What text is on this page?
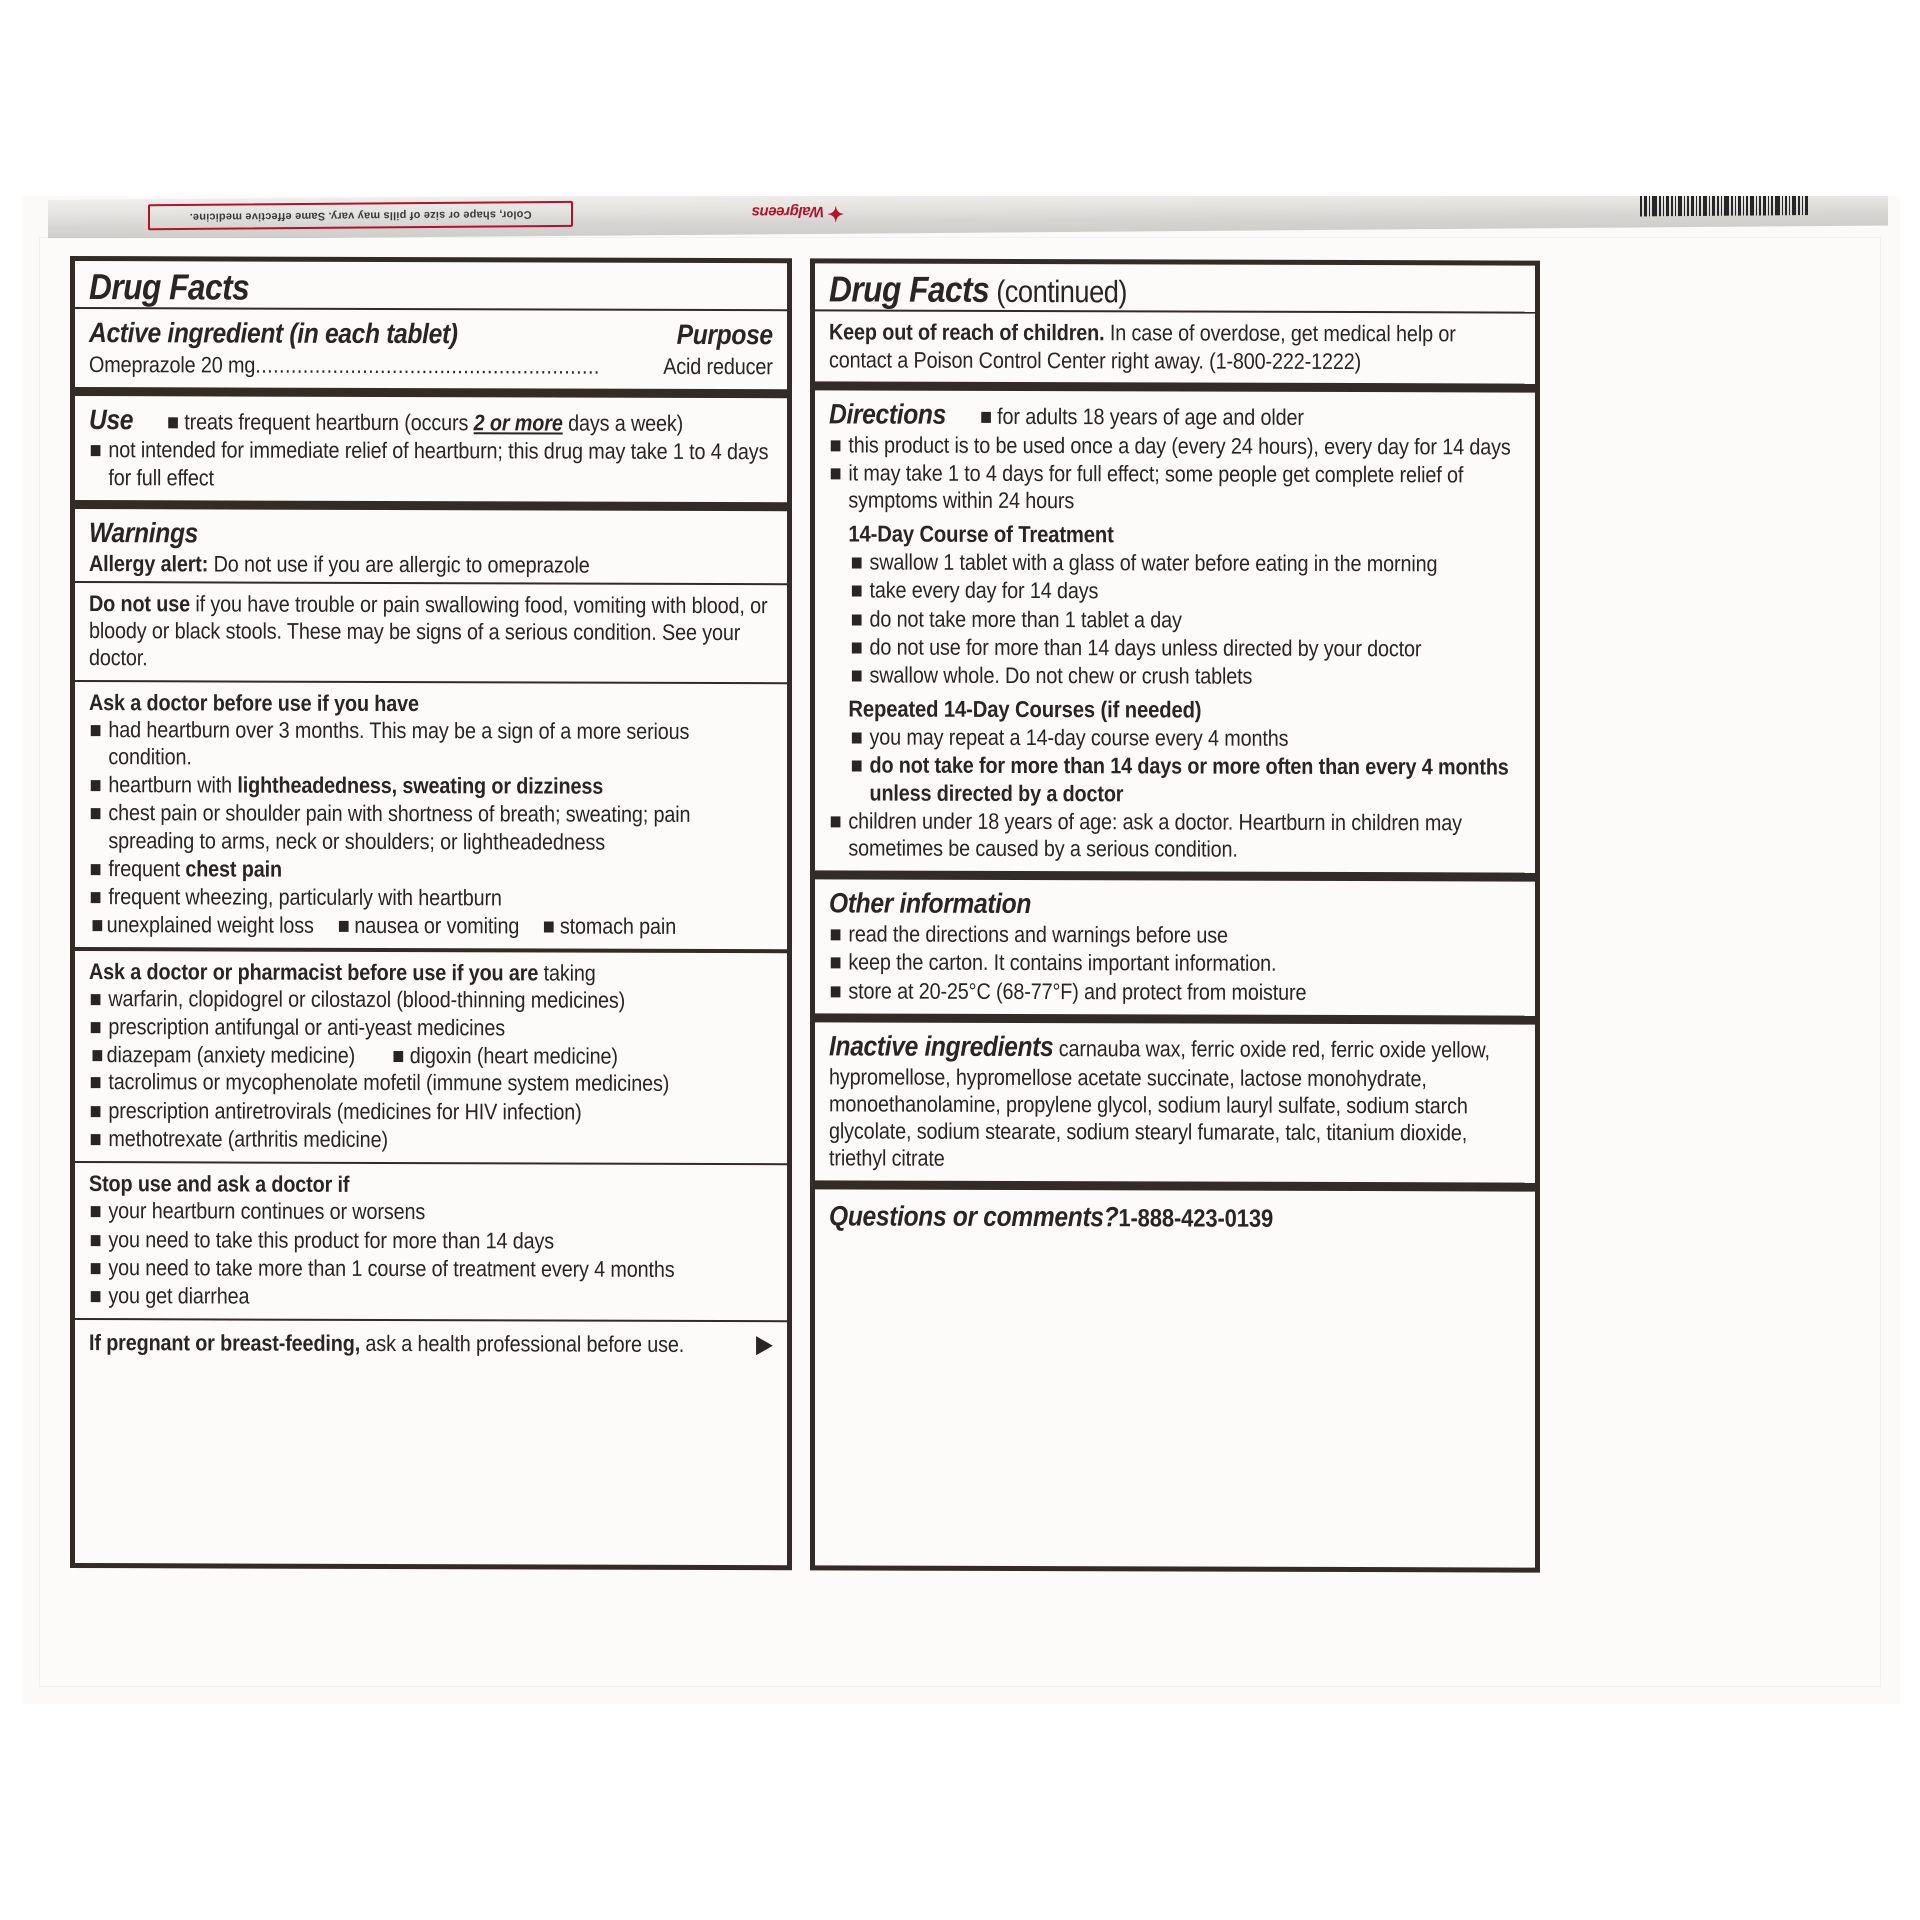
Color, shape or size of pills may vary. Same effective medicine.	✦ Walgreens
Drug Facts
Active ingredient (in each tablet)	Purpose
Omeprazole 20 mg ..........................................................	Acid reducer
Use treats frequent heartburn (occurs 2 or more days a week)
not intended for immediate relief of heartburn; this drug may take 1 to 4 days for full effect
Warnings
Allergy alert: Do not use if you are allergic to omeprazole
Do not use if you have trouble or pain swallowing food, vomiting with blood, or bloody or black stools. These may be signs of a serious condition. See your doctor.
Ask a doctor before use if you have
had heartburn over 3 months. This may be a sign of a more serious condition.
heartburn with lightheadedness, sweating or dizziness
chest pain or shoulder pain with shortness of breath; sweating; pain spreading to arms, neck or shoulders; or lightheadedness
frequent chest pain
frequent wheezing, particularly with heartburn
unexplained weight loss nausea or vomiting stomach pain
Ask a doctor or pharmacist before use if you are taking
warfarin, clopidogrel or cilostazol (blood-thinning medicines)
prescription antifungal or anti-yeast medicines
diazepam (anxiety medicine) digoxin (heart medicine)
tacrolimus or mycophenolate mofetil (immune system medicines)
prescription antiretrovirals (medicines for HIV infection)
methotrexate (arthritis medicine)
Stop use and ask a doctor if
your heartburn continues or worsens
you need to take this product for more than 14 days
you need to take more than 1 course of treatment every 4 months
you get diarrhea
If pregnant or breast-feeding, ask a health professional before use.	▶
Drug Facts (continued)
Keep out of reach of children. In case of overdose, get medical help or contact a Poison Control Center right away. (1-800-222-1222)
Directions for adults 18 years of age and older
this product is to be used once a day (every 24 hours), every day for 14 days
it may take 1 to 4 days for full effect; some people get complete relief of symptoms within 24 hours
14-Day Course of Treatment
swallow 1 tablet with a glass of water before eating in the morning
take every day for 14 days
do not take more than 1 tablet a day
do not use for more than 14 days unless directed by your doctor
swallow whole. Do not chew or crush tablets
Repeated 14-Day Courses (if needed)
you may repeat a 14-day course every 4 months
do not take for more than 14 days or more often than every 4 months unless directed by a doctor
children under 18 years of age: ask a doctor. Heartburn in children may sometimes be caused by a serious condition.
Other information
read the directions and warnings before use
keep the carton. It contains important information.
store at 20-25°C (68-77°F) and protect from moisture
Inactive ingredients carnauba wax, ferric oxide red, ferric oxide yellow, hypromellose, hypromellose acetate succinate, lactose monohydrate, monoethanolamine, propylene glycol, sodium lauryl sulfate, sodium starch glycolate, sodium stearate, sodium stearyl fumarate, talc, titanium dioxide, triethyl citrate
Questions or comments?1-888-423-0139
